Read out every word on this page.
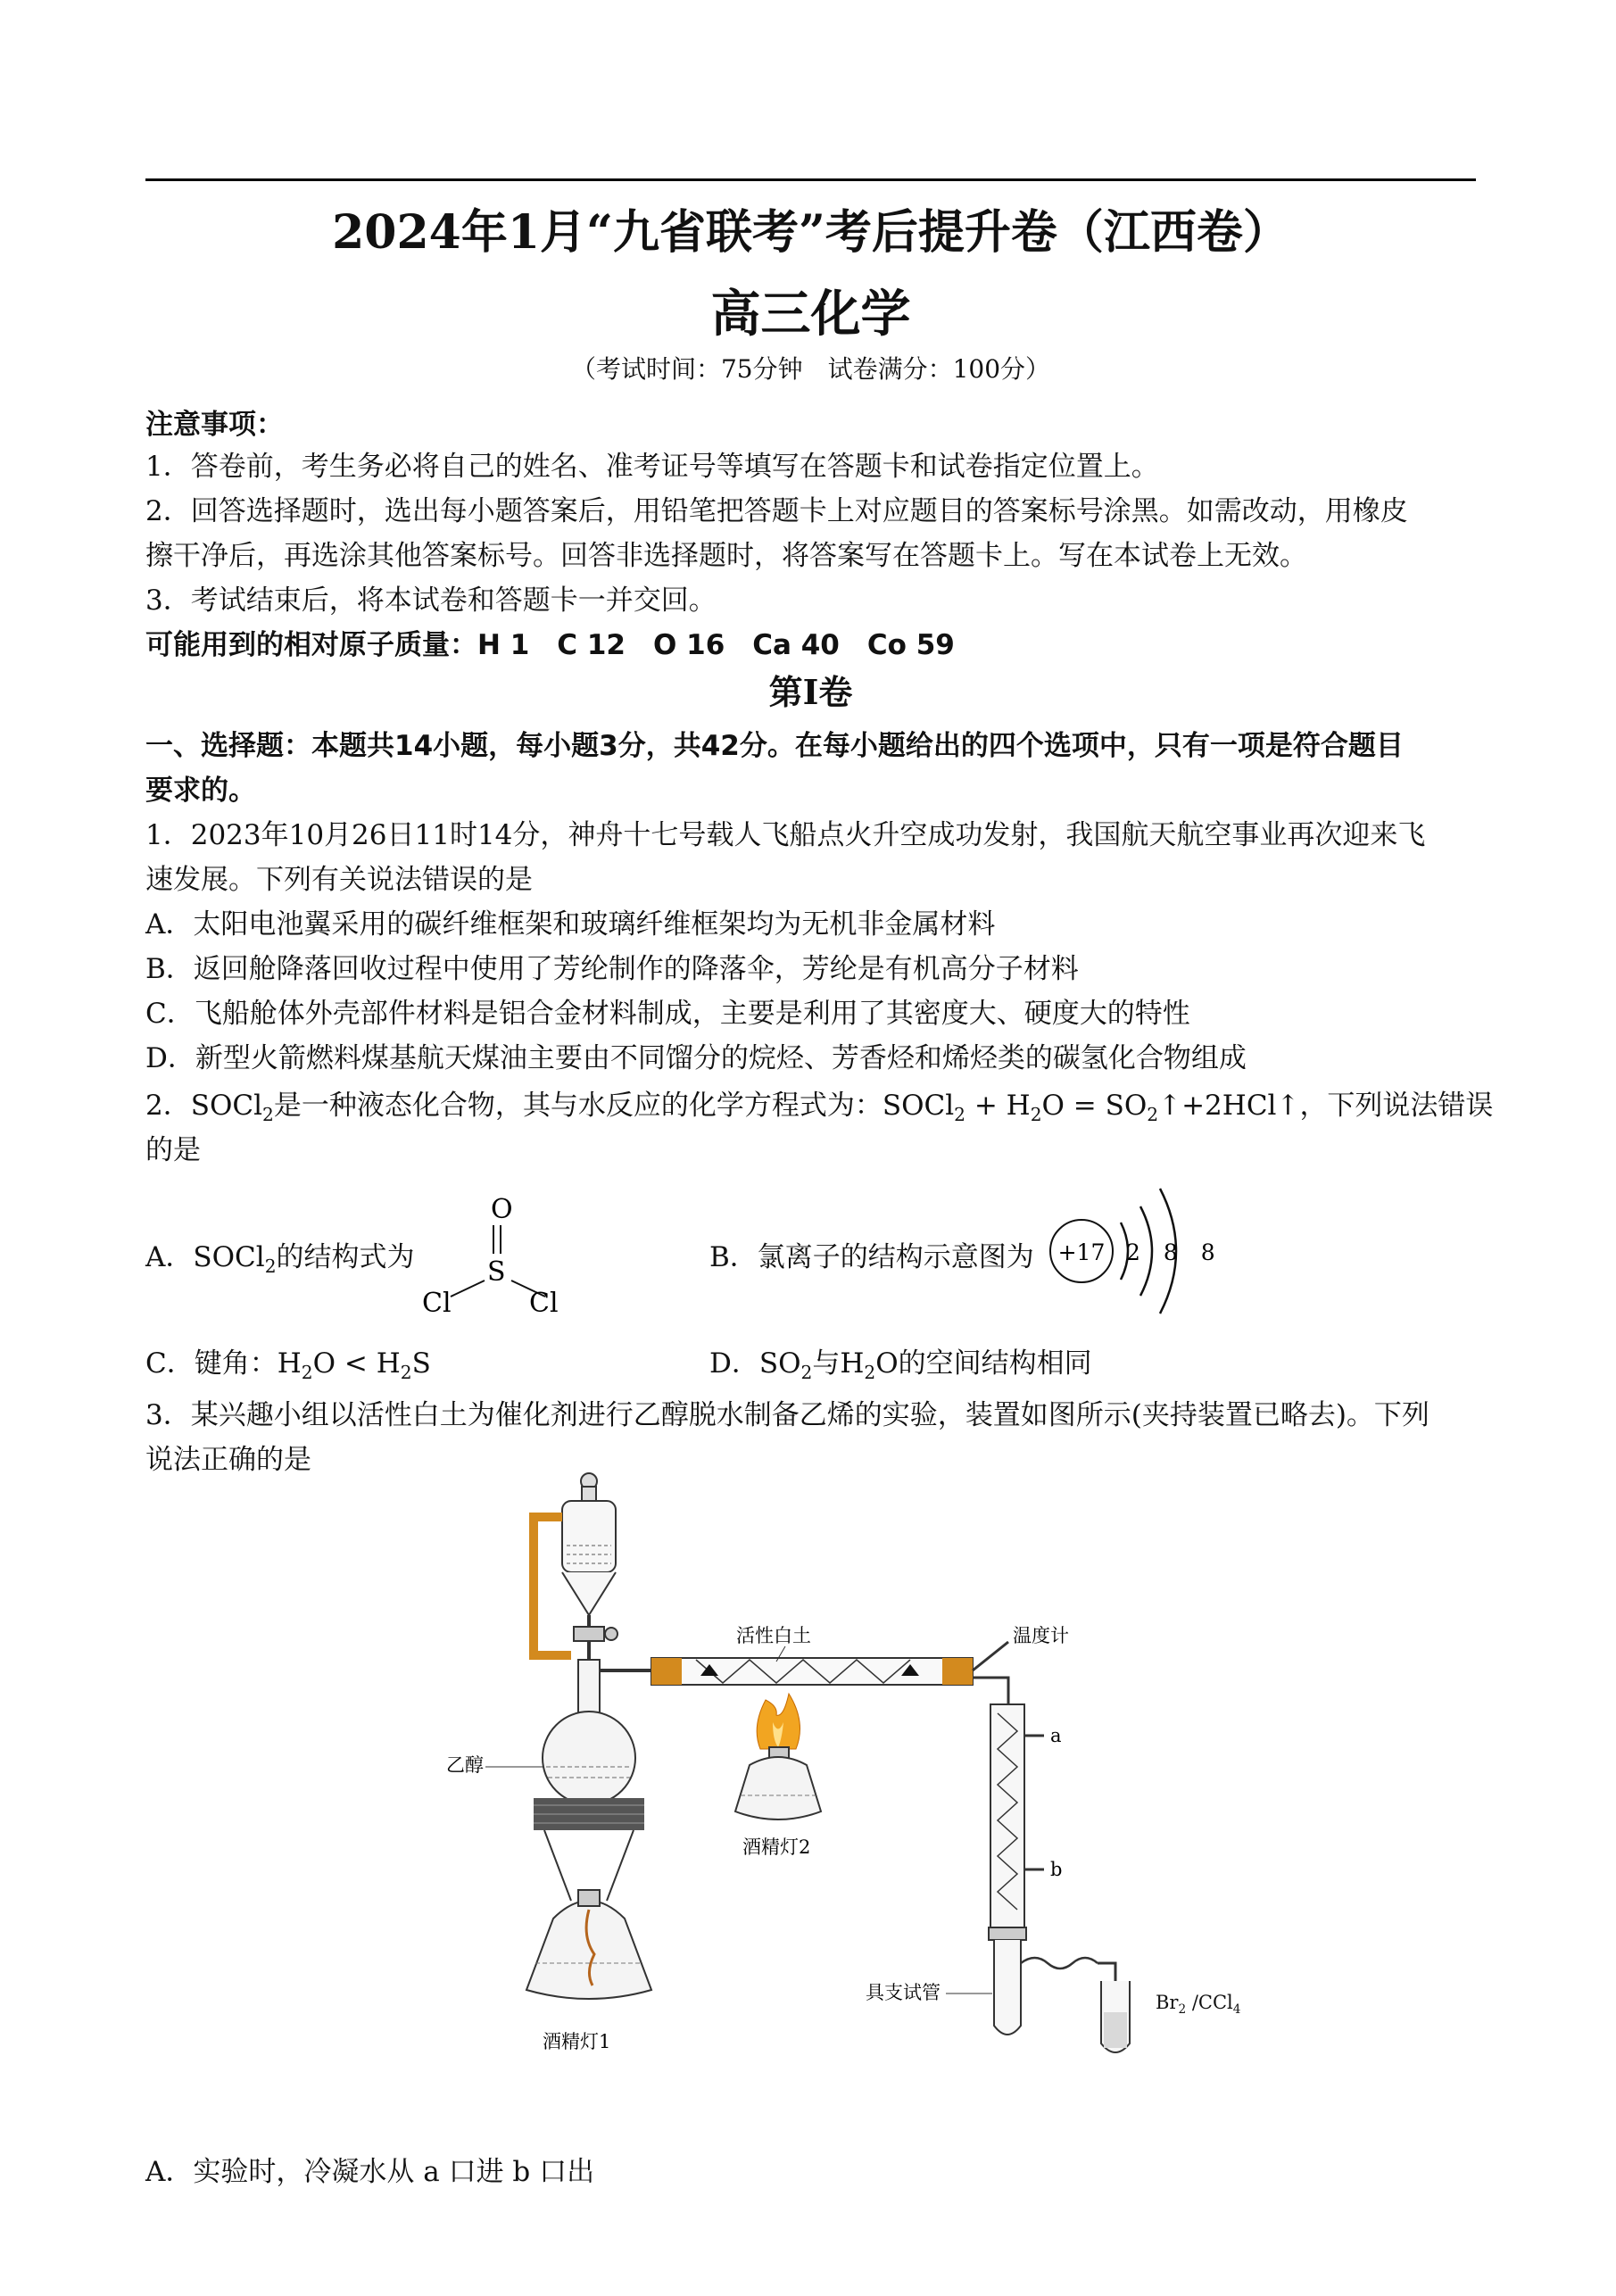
2024年1月“九省联考”考后提升卷（江西卷）
高三化学
（考试时间：75分钟　试卷满分：100分）
注意事项：
1．答卷前，考生务必将自己的姓名、准考证号等填写在答题卡和试卷指定位置上。
2．回答选择题时，选出每小题答案后，用铅笔把答题卡上对应题目的答案标号涂黑。如需改动，用橡皮
擦干净后，再选涂其他答案标号。回答非选择题时，将答案写在答题卡上。写在本试卷上无效。
3．考试结束后，将本试卷和答题卡一并交回。
可能用到的相对原子质量：H 1　C 12　O 16　Ca 40　Co 59
第Ⅰ卷
一、选择题：本题共14小题，每小题3分，共42分。在每小题给出的四个选项中，只有一项是符合题目
要求的。
1．2023年10月26日11时14分，神舟十七号载人飞船点火升空成功发射，我国航天航空事业再次迎来飞
速发展。下列有关说法错误的是
A．太阳电池翼采用的碳纤维框架和玻璃纤维框架均为无机非金属材料
B．返回舱降落回收过程中使用了芳纶制作的降落伞，芳纶是有机高分子材料
C．飞船舱体外壳部件材料是铝合金材料制成，主要是利用了其密度大、硬度大的特性
D．新型火箭燃料煤基航天煤油主要由不同馏分的烷烃、芳香烃和烯烃类的碳氢化合物组成
2．SOCl$_2$是一种液态化合物，其与水反应的化学方程式为：SOCl$_2$ + $H_2O$ = $SO_2↑+2HCl↑$，下列说法错误
的是
A．SOCl$_2$的结构式为
O
S
Cl	Cl
B．氯离子的结构示意图为 +17 2 8 8
C．键角：$H_2O < H_2S$	D．$SO_2$与$H_2O$的空间结构相同
3．某兴趣小组以活性白土为催化剂进行乙醇脱水制备乙烯的实验，装置如图所示(夹持装置已略去)。下列
说法正确的是
活性白土	温度计
酒精灯2
a
b
具支试管
乙醇
酒精灯1
$Br_2$ /CCl$_4$
A．实验时，冷凝水从 a 口进 b 口出
